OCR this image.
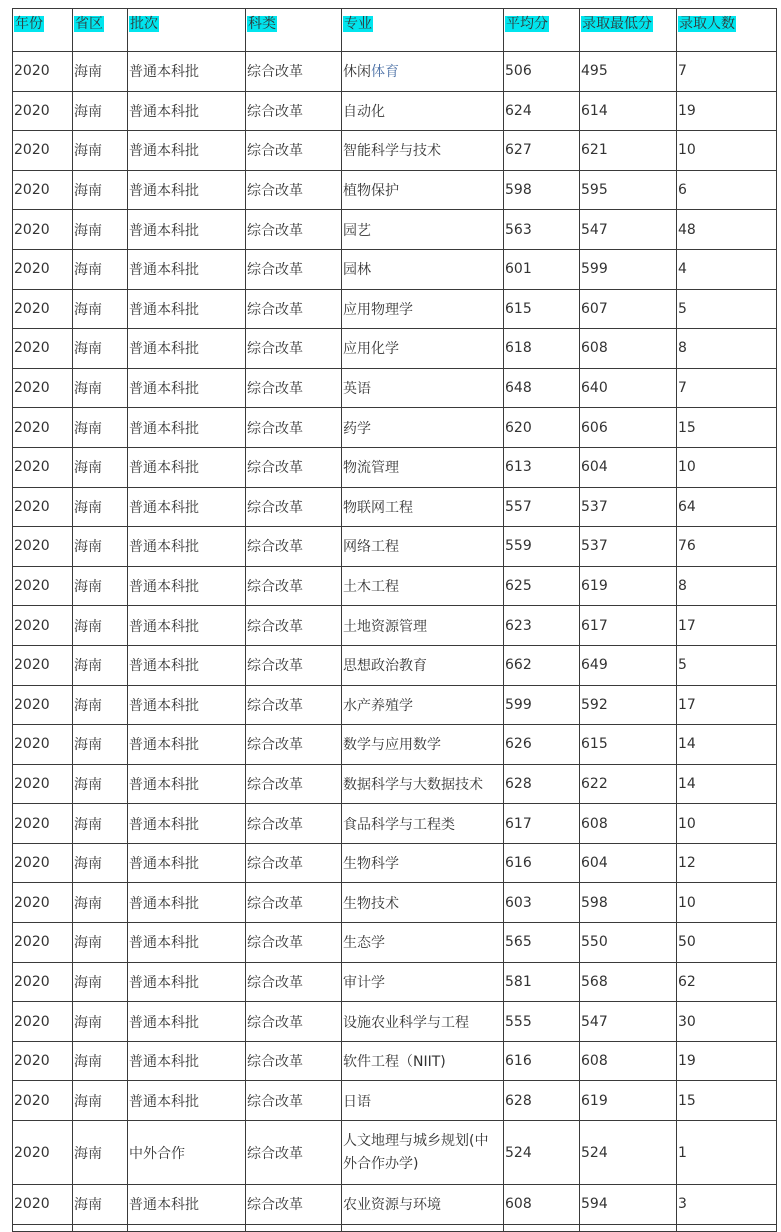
年份	省区	批次	科类	专业	平均分	录取最低分	录取人数
2020	海南	普通本科批	综合改革	休闲体育	506	495	7
2020	海南	普通本科批	综合改革	自动化	624	614	19
2020	海南	普通本科批	综合改革	智能科学与技术	627	621	10
2020	海南	普通本科批	综合改革	植物保护	598	595	6
2020	海南	普通本科批	综合改革	园艺	563	547	48
2020	海南	普通本科批	综合改革	园林	601	599	4
2020	海南	普通本科批	综合改革	应用物理学	615	607	5
2020	海南	普通本科批	综合改革	应用化学	618	608	8
2020	海南	普通本科批	综合改革	英语	648	640	7
2020	海南	普通本科批	综合改革	药学	620	606	15
2020	海南	普通本科批	综合改革	物流管理	613	604	10
2020	海南	普通本科批	综合改革	物联网工程	557	537	64
2020	海南	普通本科批	综合改革	网络工程	559	537	76
2020	海南	普通本科批	综合改革	土木工程	625	619	8
2020	海南	普通本科批	综合改革	土地资源管理	623	617	17
2020	海南	普通本科批	综合改革	思想政治教育	662	649	5
2020	海南	普通本科批	综合改革	水产养殖学	599	592	17
2020	海南	普通本科批	综合改革	数学与应用数学	626	615	14
2020	海南	普通本科批	综合改革	数据科学与大数据技术	628	622	14
2020	海南	普通本科批	综合改革	食品科学与工程类	617	608	10
2020	海南	普通本科批	综合改革	生物科学	616	604	12
2020	海南	普通本科批	综合改革	生物技术	603	598	10
2020	海南	普通本科批	综合改革	生态学	565	550	50
2020	海南	普通本科批	综合改革	审计学	581	568	62
2020	海南	普通本科批	综合改革	设施农业科学与工程	555	547	30
2020	海南	普通本科批	综合改革	软件工程（NIIT)	616	608	19
2020	海南	普通本科批	综合改革	日语	628	619	15
2020	海南	中外合作	综合改革	人文地理与城乡规划(中外合作办学)	524	524	1
2020	海南	普通本科批	综合改革	农业资源与环境	608	594	3
